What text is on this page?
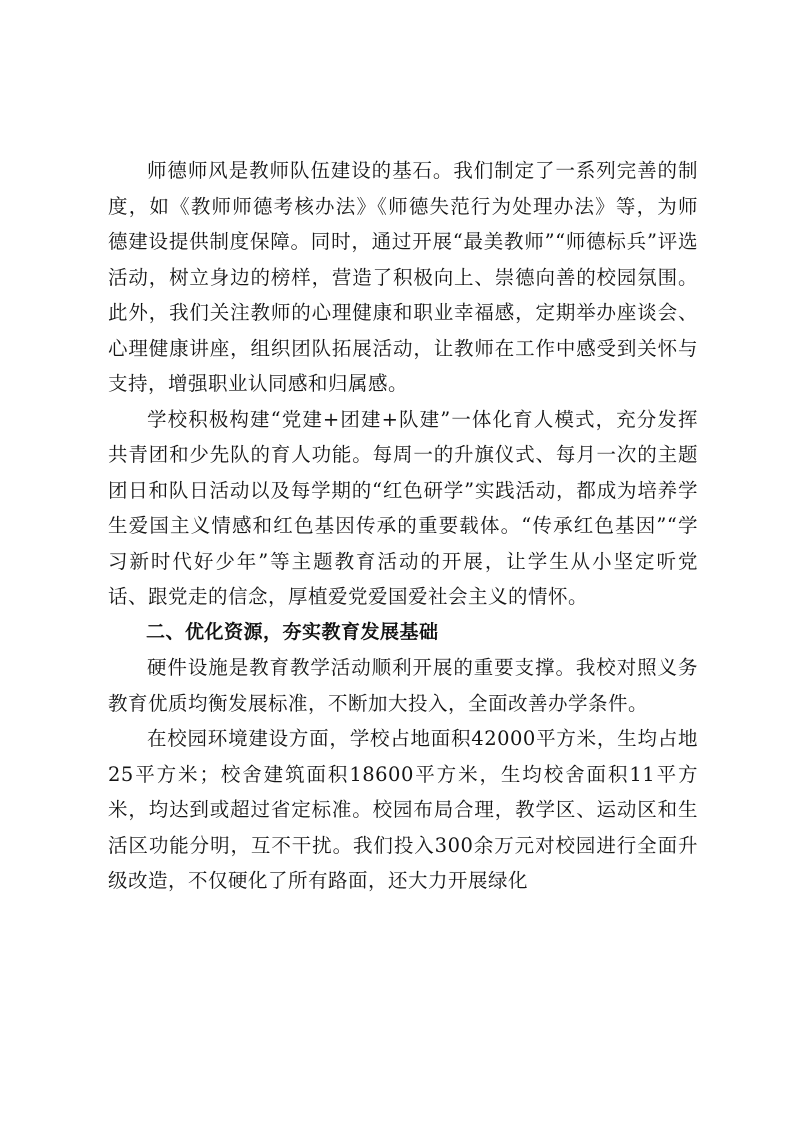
师德师风是教师队伍建设的基石。我们制定了一系列完善的制度，如《教师师德考核办法》《师德失范行为处理办法》等，为师德建设提供制度保障。同时，通过开展“最美教师”“师德标兵”评选活动，树立身边的榜样，营造了积极向上、崇德向善的校园氛围。此外，我们关注教师的心理健康和职业幸福感，定期举办座谈会、心理健康讲座，组织团队拓展活动，让教师在工作中感受到关怀与支持，增强职业认同感和归属感。

学校积极构建“党建+团建+队建”一体化育人模式，充分发挥共青团和少先队的育人功能。每周一的升旗仪式、每月一次的主题团日和队日活动以及每学期的“红色研学”实践活动，都成为培养学生爱国主义情感和红色基因传承的重要载体。“传承红色基因”“学习新时代好少年”等主题教育活动的开展，让学生从小坚定听党话、跟党走的信念，厚植爱党爱国爱社会主义的情怀。

二、优化资源，夯实教育发展基础

硬件设施是教育教学活动顺利开展的重要支撑。我校对照义务教育优质均衡发展标准，不断加大投入，全面改善办学条件。

在校园环境建设方面，学校占地面积42000平方米，生均占地25平方米；校舍建筑面积18600平方米，生均校舍面积11平方米，均达到或超过省定标准。校园布局合理，教学区、运动区和生活区功能分明，互不干扰。我们投入300余万元对校园进行全面升级改造，不仅硬化了所有路面，还大力开展绿化
